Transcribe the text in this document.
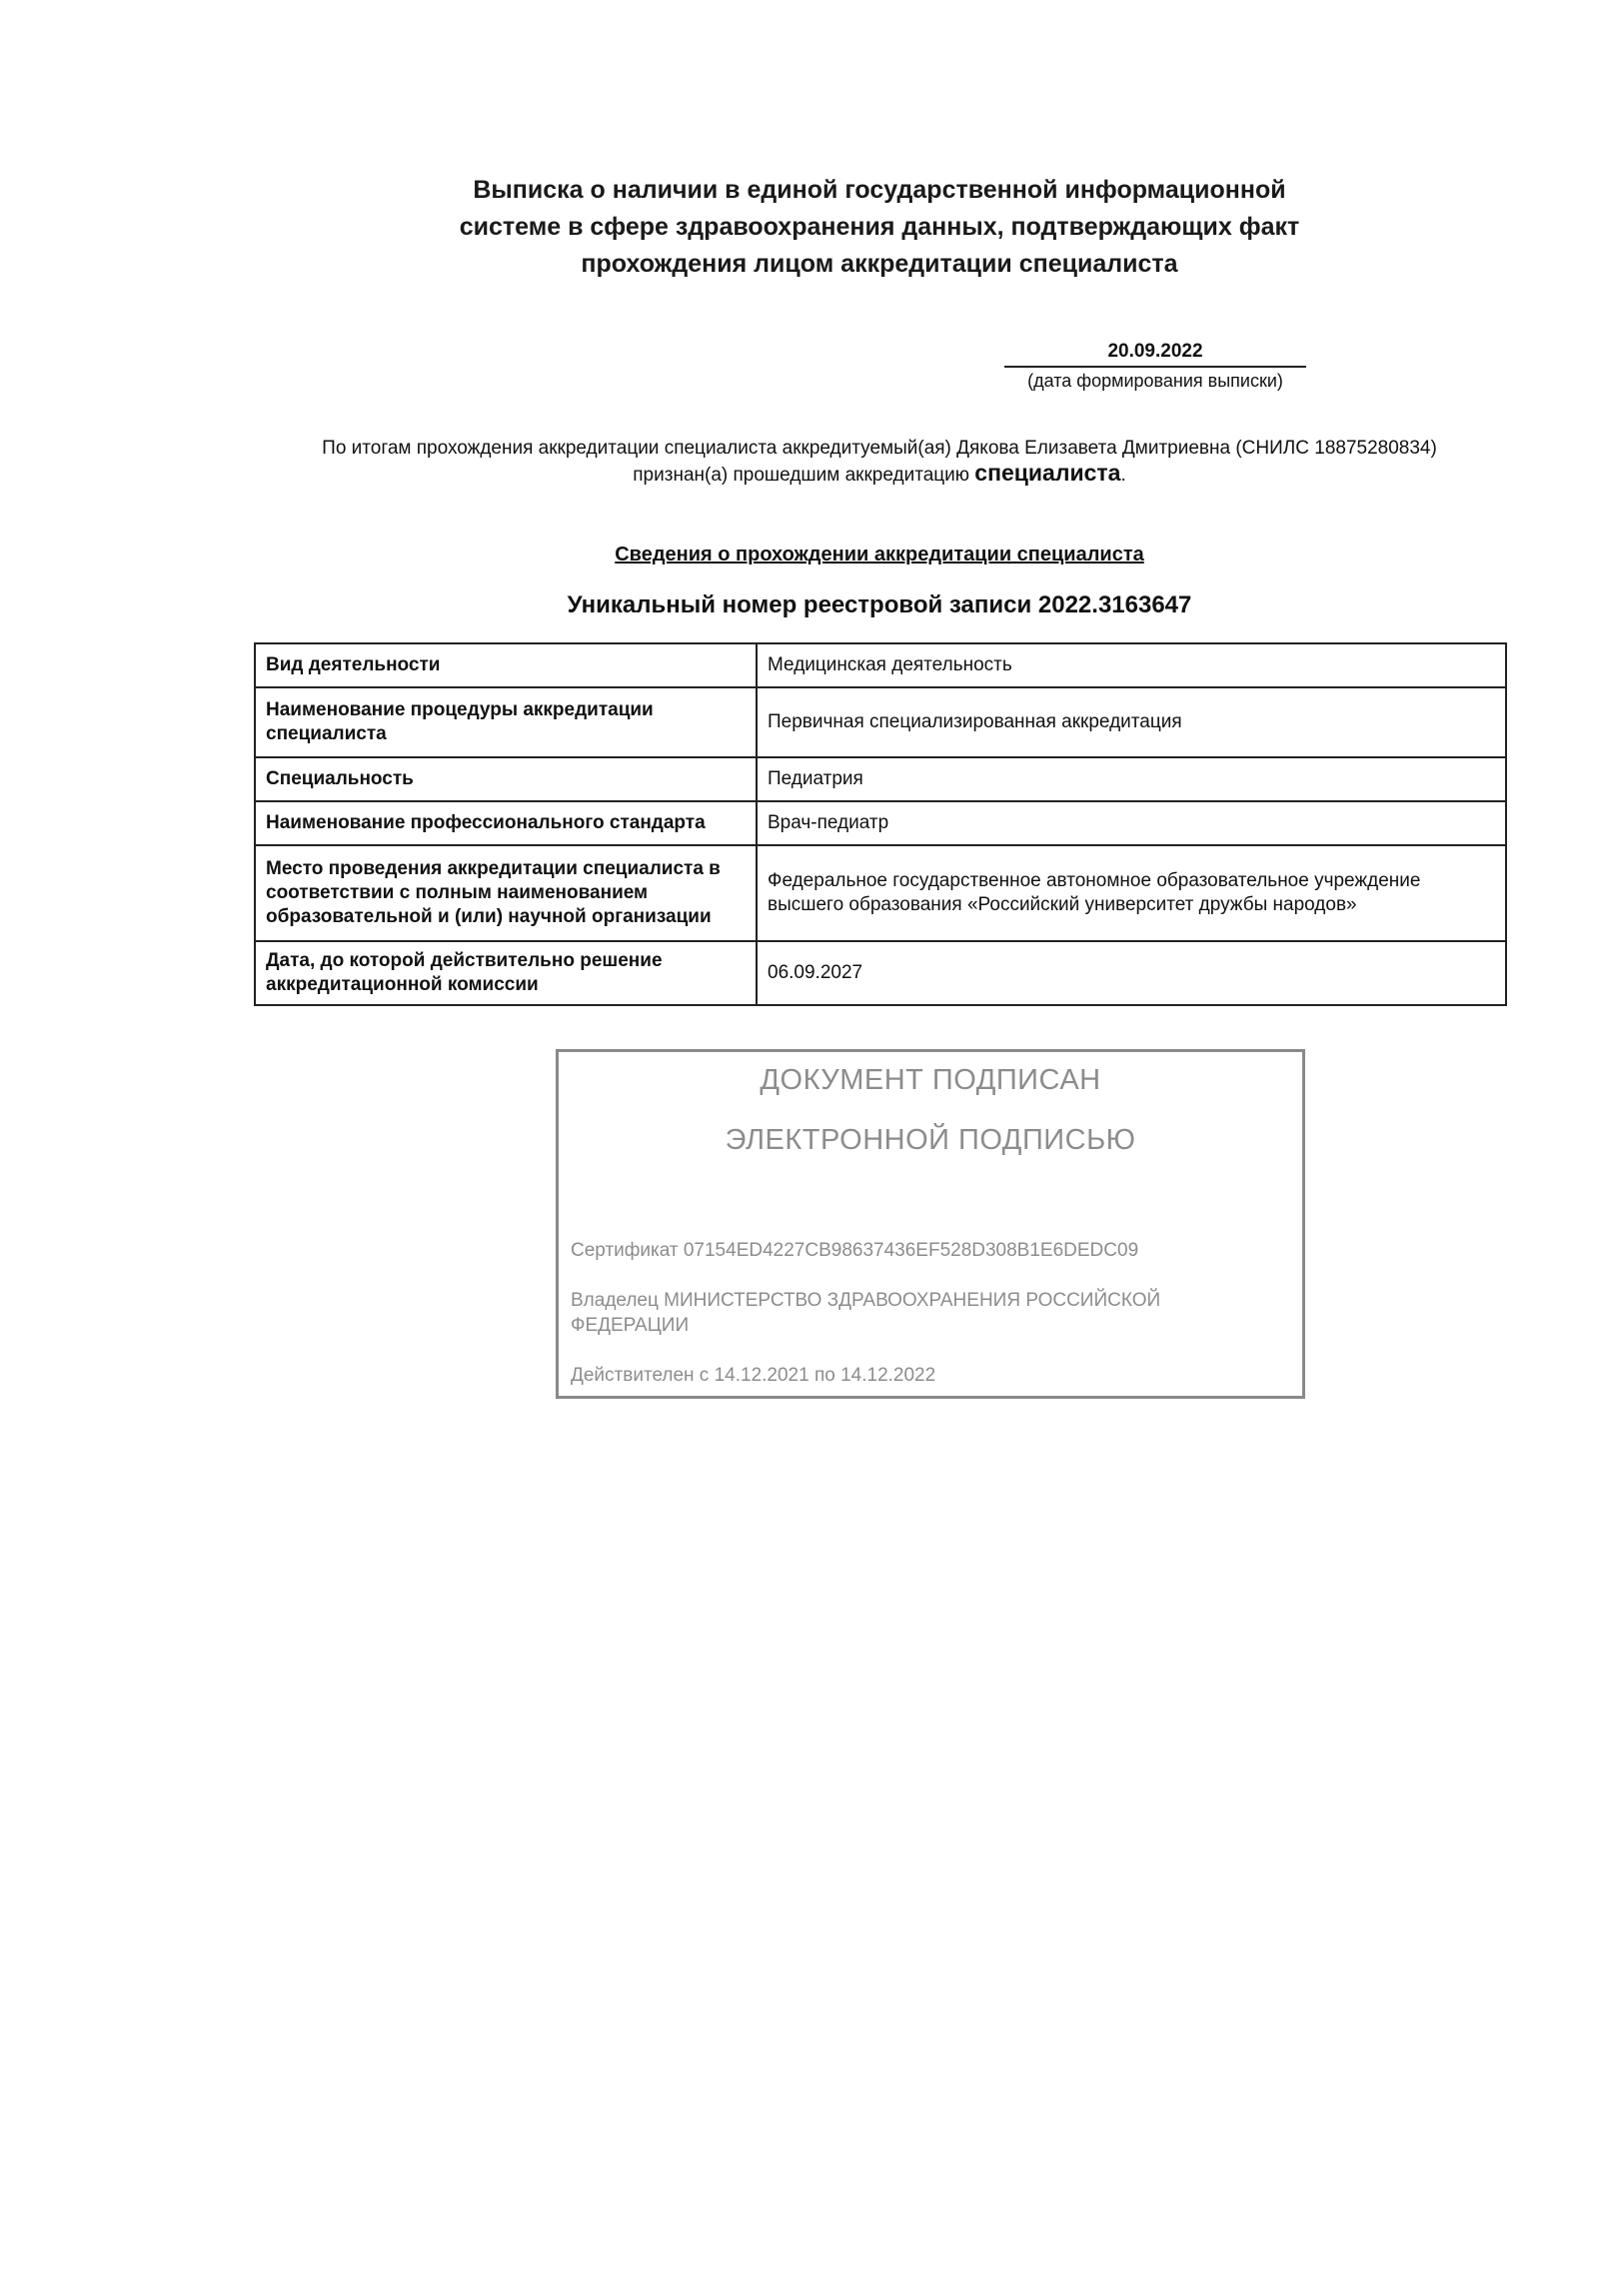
Выписка о наличии в единой государственной информационной
системе в сфере здравоохранения данных, подтверждающих факт
прохождения лицом аккредитации специалиста
20.09.2022
(дата формирования выписки)
По итогам прохождения аккредитации специалиста аккредитуемый(ая) Дякова Елизавета Дмитриевна (СНИЛС 18875280834)
признан(а) прошедшим аккредитацию специалиста.
Сведения о прохождении аккредитации специалиста
Уникальный номер реестровой записи 2022.3163647
Вид деятельности	Медицинская деятельность
Наименование процедуры аккредитации специалиста	Первичная специализированная аккредитация
Специальность	Педиатрия
Наименование профессионального стандарта	Врач-педиатр
Место проведения аккредитации специалиста в соответствии с полным наименованием образовательной и (или) научной организации	Федеральное государственное автономное образовательное учреждение высшего образования «Российский университет дружбы народов»
Дата, до которой действительно решение аккредитационной комиссии	06.09.2027
ДОКУМЕНТ ПОДПИСАН
ЭЛЕКТРОННОЙ ПОДПИСЬЮ
Сертификат 07154ED4227CB98637436EF528D308B1E6DEDC09
Владелец МИНИСТЕРСТВО ЗДРАВООХРАНЕНИЯ РОССИЙСКОЙ ФЕДЕРАЦИИ
Действителен с 14.12.2021 по 14.12.2022
